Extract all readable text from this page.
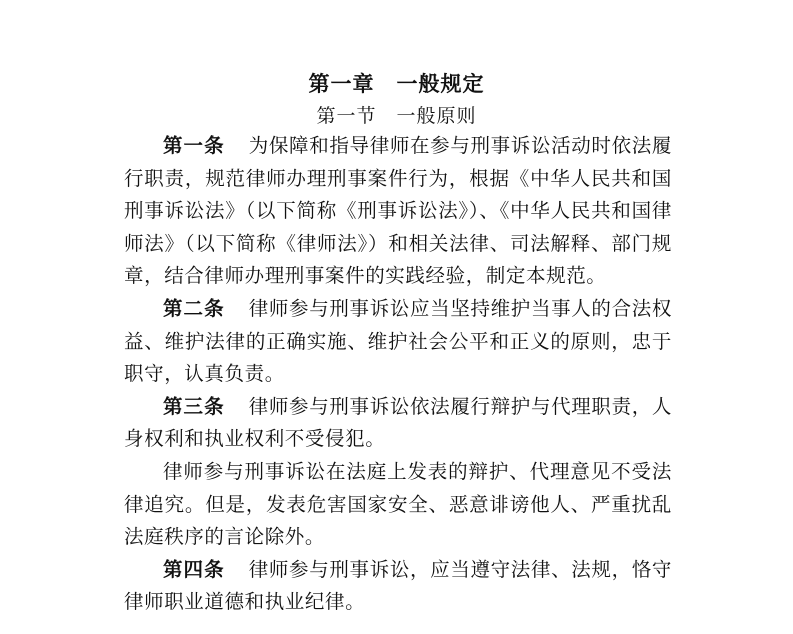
第一章　一般规定
第一节　一般原则

第一条 为保障和指导律师在参与刑事诉讼活动时依法履行职责，规范律师办理刑事案件行为，根据《中华人民共和国刑事诉讼法》（以下简称《刑事诉讼法》）、《中华人民共和国律师法》（以下简称《律师法》）和相关法律、司法解释、部门规章，结合律师办理刑事案件的实践经验，制定本规范。

第二条 律师参与刑事诉讼应当坚持维护当事人的合法权益、维护法律的正确实施、维护社会公平和正义的原则，忠于职守，认真负责。

第三条 律师参与刑事诉讼依法履行辩护与代理职责，人身权利和执业权利不受侵犯。

律师参与刑事诉讼在法庭上发表的辩护、代理意见不受法律追究。但是，发表危害国家安全、恶意诽谤他人、严重扰乱法庭秩序的言论除外。

第四条 律师参与刑事诉讼，应当遵守法律、法规，恪守律师职业道德和执业纪律。
